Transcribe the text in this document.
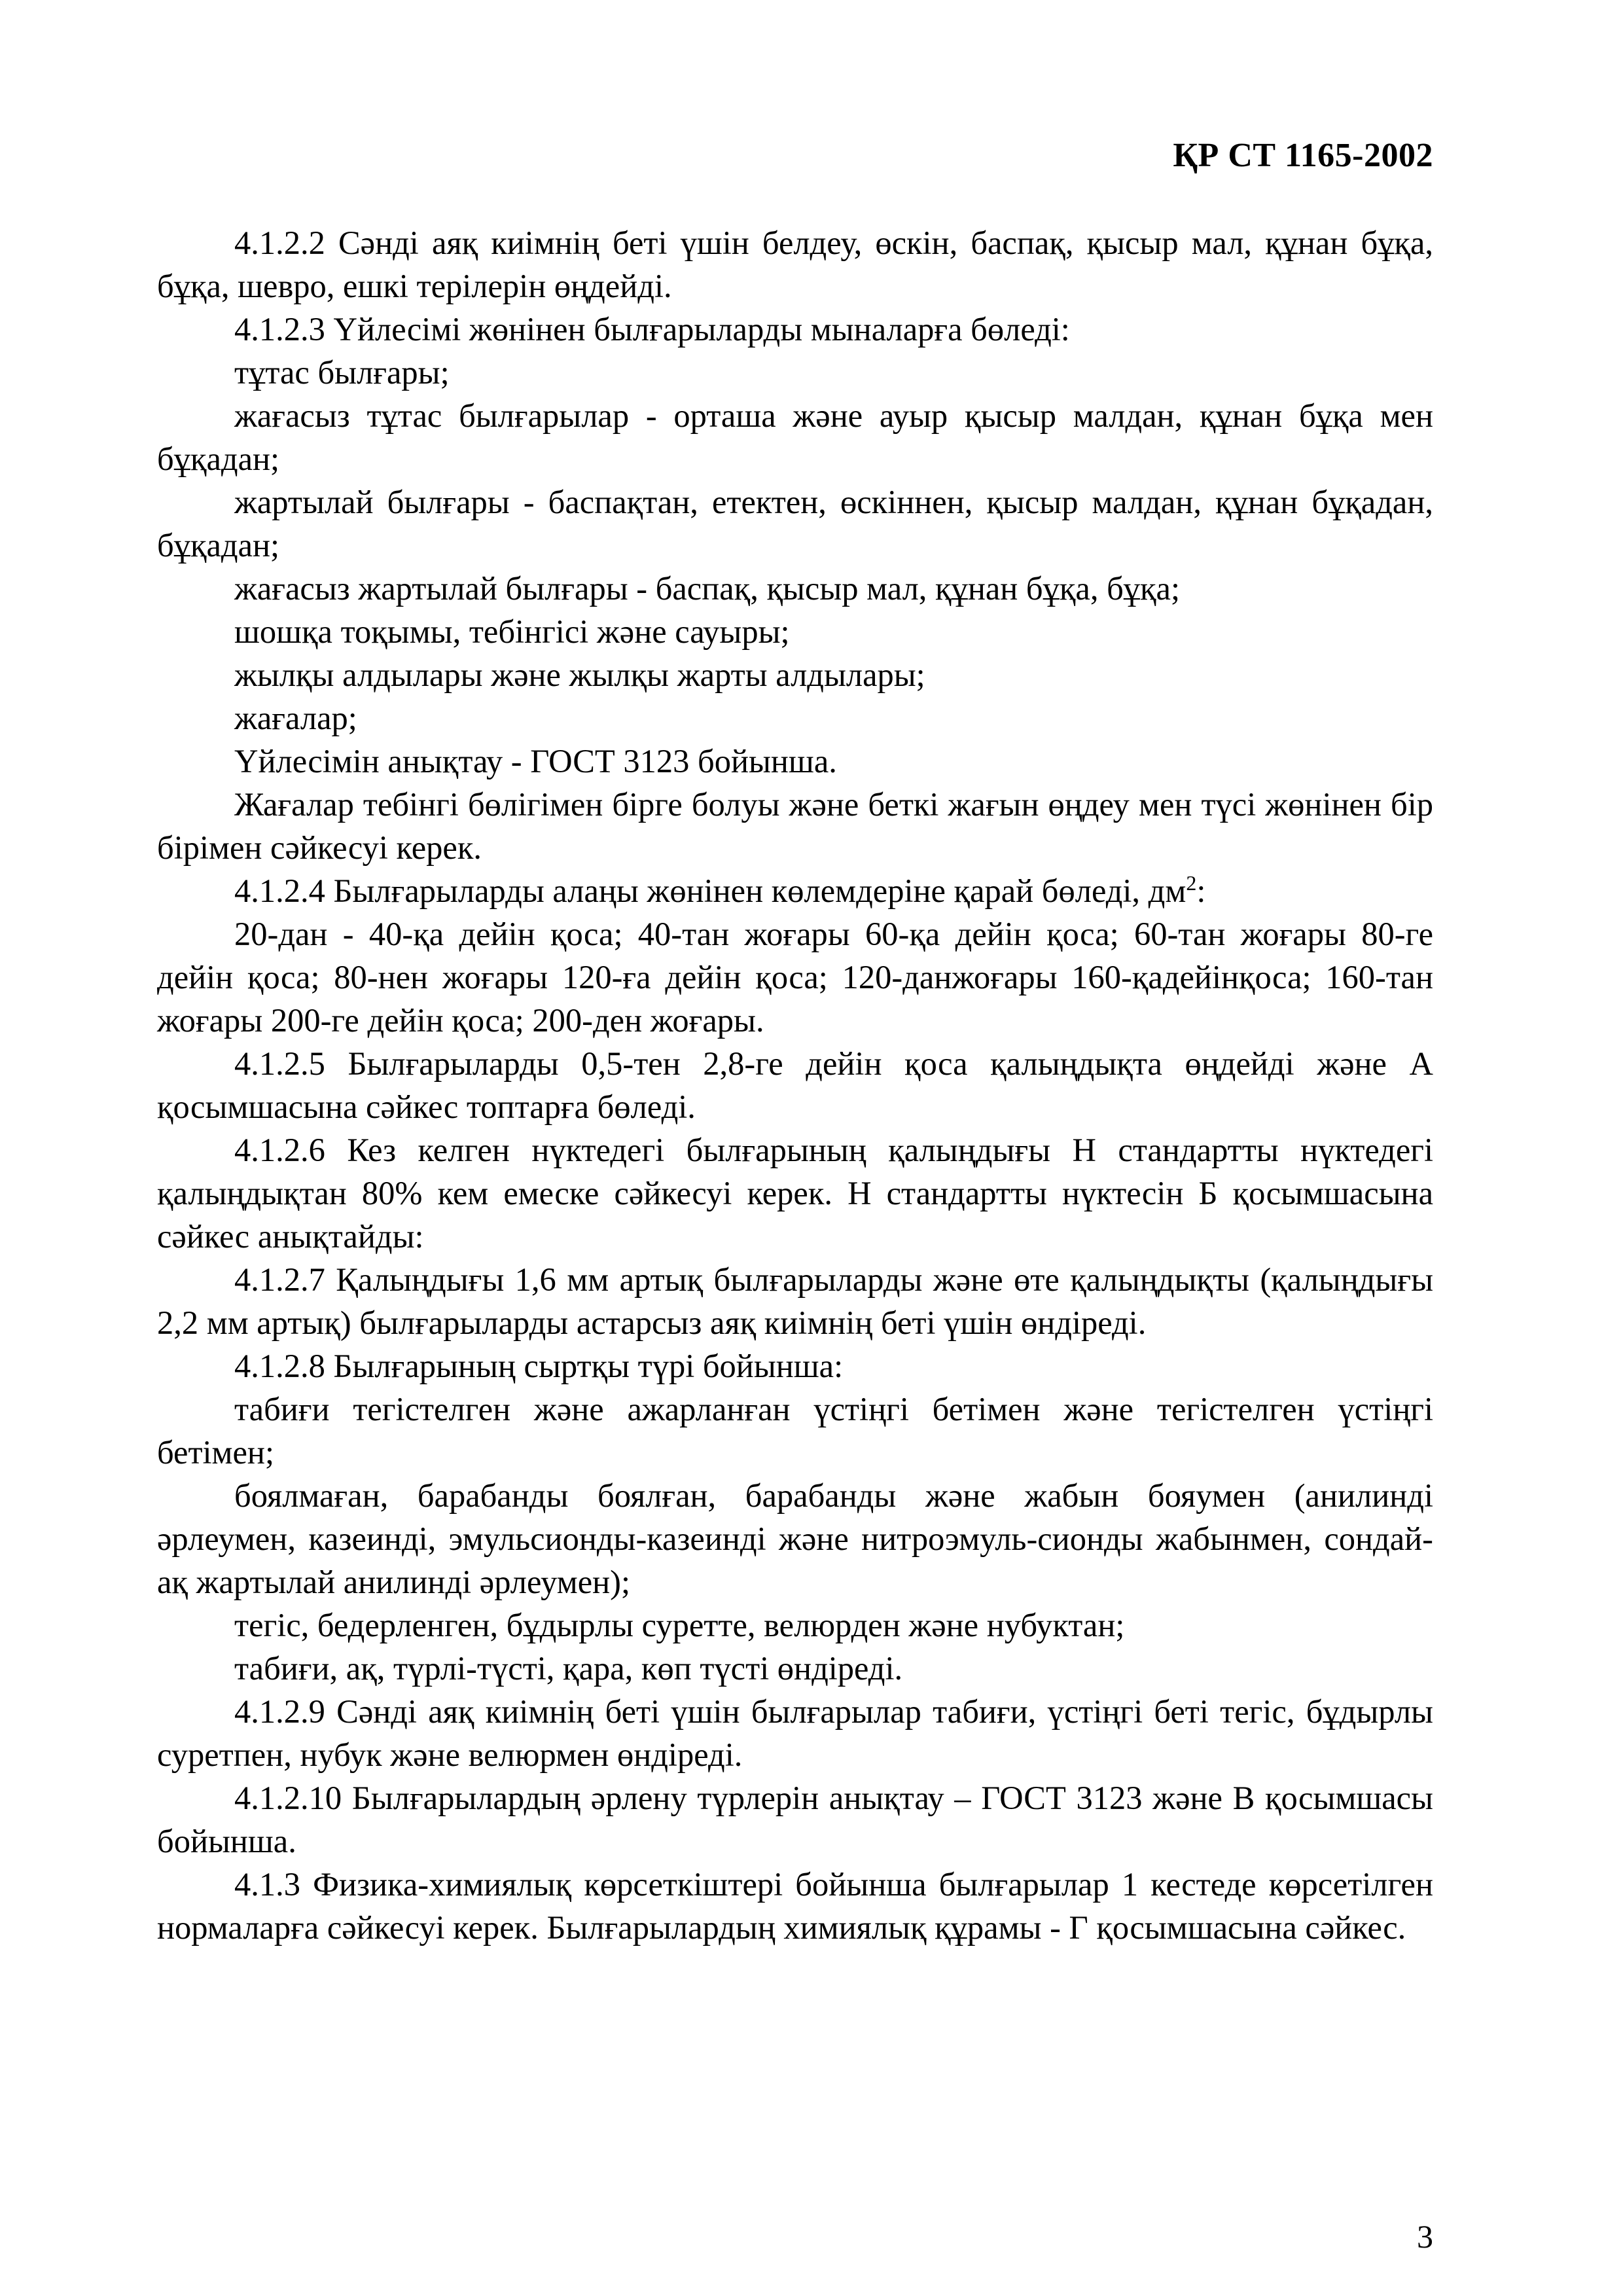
ҚР СТ 1165-2002

4.1.2.2 Сәнді аяқ киімнің беті үшін белдеу, өскін, баспақ, қысыр мал, құнан бұқа, бұқа, шевро, ешкі терілерін өңдейді.

4.1.2.3 Үйлесімі жөнінен былғарыларды мыналарға бөледі:

тұтас былғары;

жағасыз тұтас былғарылар - орташа және ауыр қысыр малдан, құнан бұқа мен бұқадан;

жартылай былғары - баспақтан, етектен, өскіннен, қысыр малдан, құнан бұқадан, бұқадан;

жағасыз жартылай былғары - баспақ, қысыр мал, құнан бұқа, бұқа;

шошқа тоқымы, тебінгісі және сауыры;

жылқы алдылары және жылқы жарты алдылары;

жағалар;

Үйлесімін анықтау - ГОСТ 3123 бойынша.

Жағалар тебінгі бөлігімен бірге болуы және беткі жағын өңдеу мен түсі жөнінен бір бірімен сәйкесуі керек.

4.1.2.4 Былғарыларды алаңы жөнінен көлемдеріне қарай бөледі, $дм^2$:

20-дан - 40-қа дейін қоса; 40-тан жоғары 60-қа дейін қоса; 60-тан жоғары 80-ге дейін қоса; 80-нен жоғары 120-ға дейін қоса; 120-данжоғары 160-қадейінқоса; 160-тан жоғары 200-ге дейін қоса; 200-ден жоғары.

4.1.2.5 Былғарыларды 0,5-тен 2,8-ге дейін қоса қалыңдықта өңдейді және А қосымшасына сәйкес топтарға бөледі.

4.1.2.6 Кез келген нүктедегі былғарының қалыңдығы Н стандартты нүктедегі қалыңдықтан 80% кем емеске сәйкесуі керек. Н стандартты нүктесін Б қосымшасына сәйкес анықтайды:

4.1.2.7 Қалыңдығы 1,6 мм артық былғарыларды және өте қалыңдықты (қалыңдығы 2,2 мм артық) былғарыларды астарсыз аяқ киімнің беті үшін өндіреді.

4.1.2.8 Былғарының сыртқы түрі бойынша:

табиғи тегістелген және ажарланған үстіңгі бетімен және тегістелген үстіңгі бетімен;

боялмаған, барабанды боялған, барабанды және жабын бояумен (анилинді әрлеумен, казеинді, эмульсионды-казеинді және нитроэмуль-сионды жабынмен, сондай-ақ жартылай анилинді әрлеумен);

тегіс, бедерленген, бұдырлы суретте, велюрден және нубуктан;

табиғи, ақ, түрлі-түсті, қара, көп түсті өндіреді.

4.1.2.9 Сәнді аяқ киімнің беті үшін былғарылар табиғи, үстіңгі беті тегіс, бұдырлы суретпен, нубук және велюрмен өндіреді.

4.1.2.10 Былғарылардың әрлену түрлерін анықтау – ГОСТ 3123 және В қосымшасы бойынша.

4.1.3 Физика-химиялық көрсеткіштері бойынша былғарылар 1 кестеде көрсетілген нормаларға сәйкесуі керек. Былғарылардың химиялық құрамы - Г қосымшасына сәйкес.

3
